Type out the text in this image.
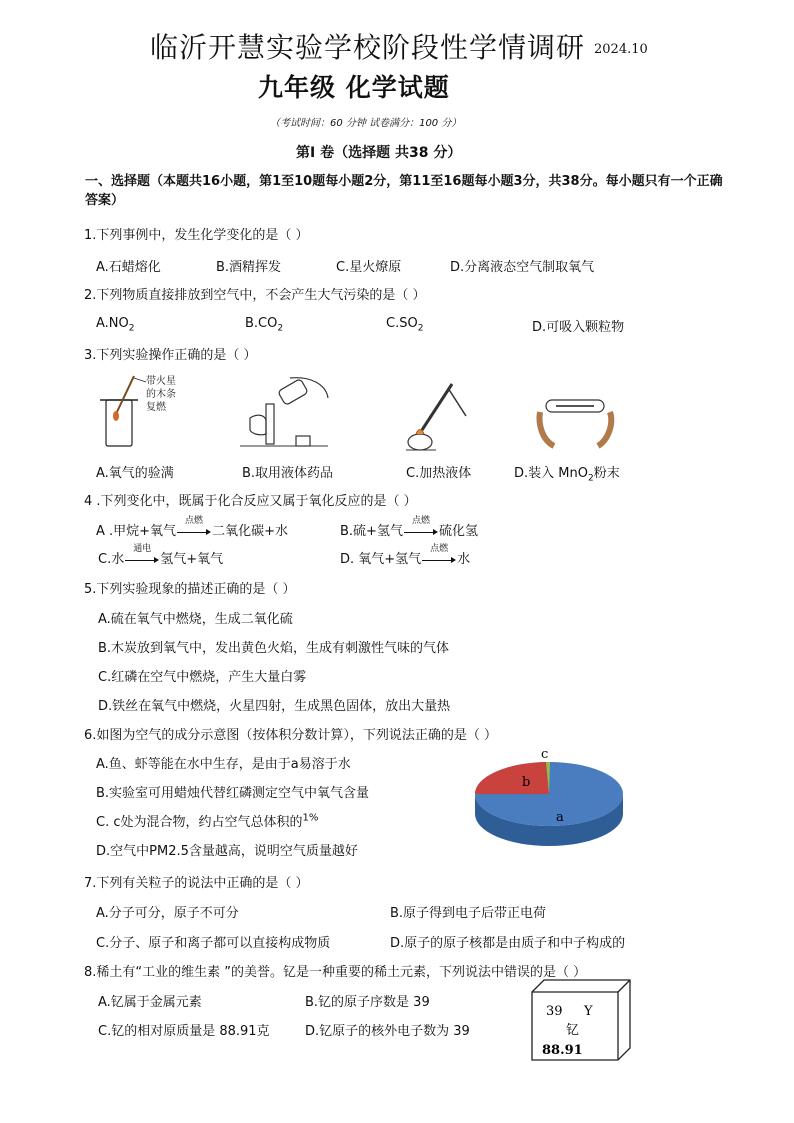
临沂开慧实验学校阶段性学情调研 2024.10
九年级 化学试题
（考试时间：60 分钟 试卷满分：100 分）
第I 卷（选择题 共38 分）
一、选择题（本题共16小题，第1至10题每小题2分，第11至16题每小题3分，共38分。每小题只有一个正确答案）
1.下列事例中，发生化学变化的是（ ）
A.石蜡熔化	B.酒精挥发	C.星火燎原	D.分离液态空气制取氧气
2.下列物质直接排放到空气中，不会产生大气污染的是（ ）
$A.NO_2$	$B.CO_2$	$C.SO_2$	D.可吸入颗粒物
3.下列实验操作正确的是（ ）
带火星
的木条
复燃
A.氧气的验满	B.取用液体药品	C.加热液体	D.装入 MnO$_2$粉末
4 .下列变化中，既属于化合反应又属于氧化反应的是（ ）
A .甲烷+氧气
点燃
二氧化碳+水	B.硫+氢气
点燃
硫化氢
C.水
通电
氢气+氧气	D. 氧气+氢气
点燃
水
5.下列实验现象的描述正确的是（ ）
A.硫在氧气中燃烧，生成二氧化硫
B.木炭放到氧气中，发出黄色火焰，生成有刺激性气味的气体
C.红磷在空气中燃烧，产生大量白雾
D.铁丝在氧气中燃烧，火星四射，生成黑色固体，放出大量热
6.如图为空气的成分示意图（按体积分数计算），下列说法正确的是（ ）
A.鱼、虾等能在水中生存，是由于a易溶于水
B.实验室可用蜡烛代替红磷测定空气中氧气含量
C. c处为混合物，约占空气总体积的$^{1\%}$
D.空气中PM2.5含量越高，说明空气质量越好
a
b
c
7.下列有关粒子的说法中正确的是（ ）
A.分子可分，原子不可分	B.原子得到电子后带正电荷
C.分子、原子和离子都可以直接构成物质	D.原子的原子核都是由质子和中子构成的
8.稀土有“工业的维生素 ”的美誉。钇是一种重要的稀土元素，下列说法中错误的是（ ）
A.钇属于金属元素	B.钇的原子序数是 39
C.钇的相对原质量是 88.91克	D.钇原子的核外电子数为 39
39 Y
钇
88.91
